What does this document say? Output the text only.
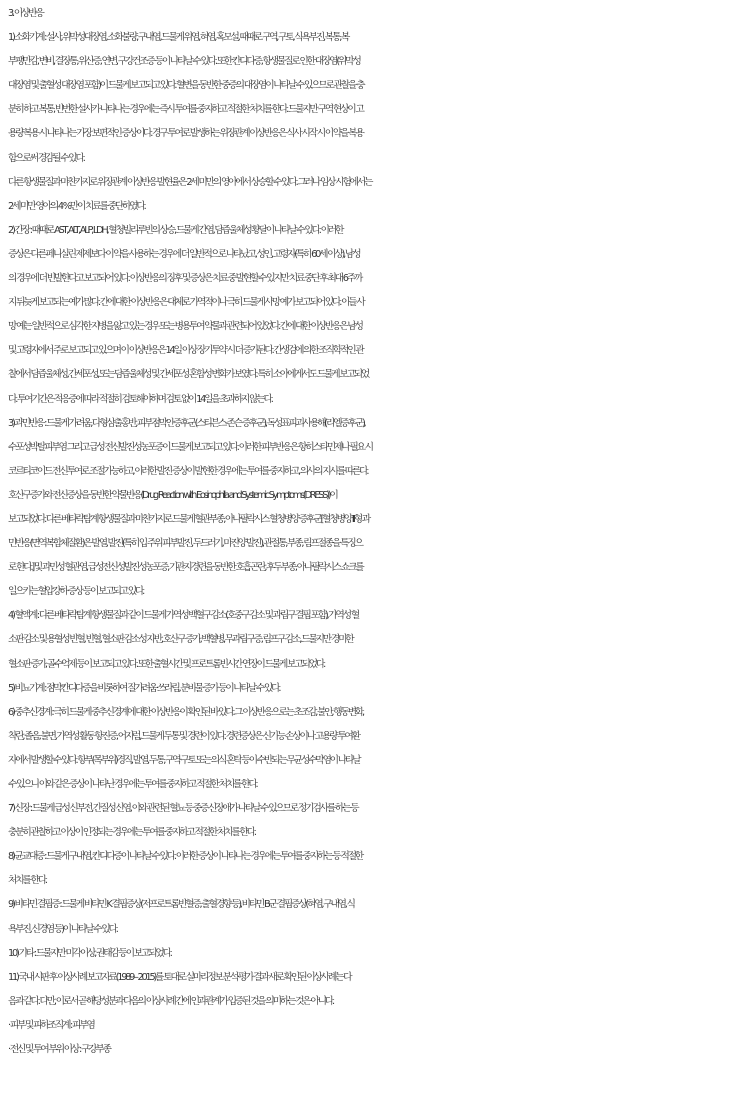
3. 이상반응
1) 소화기계 : 설사, 위막성대장염, 소화불량, 구내염, 드물게 위염, 혀염, 혹모설, 때때로 구역, 구토, 식욕부진, 복통, 복
부팽만감, 변비, 결장통, 위산증, 연변, 구강건조증 등이 나타날 수 있다. 또한 칸디다증, 항생물질로 인한 대장염(위막성
대장염 및 출혈성 대장염 포함)이 드물게 보고되고 있다. 혈변을 동반한 중증의 대장염이 나타날 수 있으므로 관찰을 충
분히 하고 복통, 빈번한 설사가 나타나는 경우에는 즉시 투여를 중지하고 적절한 처치를 한다. 드물지만 구역 현상이 고
용량 복용 시 나타나는 가장 보편적인 증상이다. 경구 투여로 발생하는 위장관계 이상반응은 식사 시작 시 이 약을 복용
함으로써 경감될 수 있다.
다른 항생물질과 마찬가지로 위장관계 이상반응 발현율은 2세 미만의 영아에서 상승할 수 있다. 그러나 임상 시험에서는
2세 미만 영아의 4 %만이 치료를 중단하였다.
2) 간장 : 때때로 AST, ALT, ALP, LDH, 혈청빌리루빈의 상승, 드물게 간염, 담즙울체성 황달이 나타날 수 있다. 이러한
증상은 다른 페니실린 제제보다 이 약을 사용하는 경우에 더 일반적으로 나타났고, 성인, 고령자(특히 60세 이상), 남성
의 경우에 더 빈발한다고 보고되어 있다. 이상반응의 징후 및 증상은 치료 중 발현할 수 있지만 치료 중단 후 최대 6주까
지 뒤늦게 보고되는 예가 많다. 간에 대한 이상반응은 대체로 가역적이나 극히 드물게 사망 예가 보고되어 있다. 이들 사
망 예는 일반적으로 심각한 지병을 앓고 있는 경우 또는 병용투여 약물과 관련되어 있었다. 간에 대한 이상반응은 남성
및 고령자에서 주로 보고되고 있으며 이 이상반응은 14일 이상 장기투약 시 더 증가된다. 간생검에 의한 조직학적인 관
찰에서 담즙울체성, 간세포성, 또는 담즙울체성 및 간세포성 혼합성 변화가 보였다. 특히 소아에게서도 드물게 보고되었
다. 투여기간은 적응증에 따라 적절히 검토해야하며 검토 없이 14일을 초과하지 않는다.
3) 과민반응 : 드물게 가려움, 다형삼출홍반, 피부점막안증후군(스티븐스-존슨 증후군), 독성표피괴사용해(리엘증후군),
수포성박탈피부염 그리고 급성 전신발진성농포증이 드물게 보고되고 있다. 이러한 피부반응은 항히스타민제나 필요 시
코르티코이드 전신투여로 조절가능하고, 이러한 발진 증상이 발현한 경우에는 투여를 중지하고, 의사의 지시를 따른다.
호산구증가와 전신증상을 동반한 약물반응(Drug Reaction with Eosinophilla and Systemic Symptoms(DRESS))이
보고되었다. 다른 베타락탐계 항생물질과 마찬가지로 드물게 혈관부종, 아나필락시스 혈청병양 증후군[혈청병양 III형 과
민반응(면역복합체질환)은 발열, 발진(특히 입 주위 피부발진, 두드러기, 마진양 발진), 관절통, 부종, 림프절종을 특징으
로 한다.] 및 과민성 혈관염, 급성전신성발진성농포증, 기관지경련을 동반한 호흡곤란, 후두부종, 아나필락시스 쇼크를
일으키는 혈압강하 증상 등이 보고되고 있다.
4) 혈액계 : 다른 베타락탐계 항생물질과 같이 드물게 가역성 백혈구 감소(호중구 감소 및 과립구 결핍 포함), 가역성 혈
소판 감소 및 용혈성 빈혈, 빈혈, 혈소판 감소성 자반, 호산구 증가, 백혈병, 무과립구증, 림프구 감소, 드물지만 경미한
혈소판 증가, 골수억제 등이 보고되고 있다. 또한 출혈시간 및 프로트롬빈시간 연장이 드물게 보고되었다.
5) 비뇨기계 : 점막칸디다증을 비롯하여 질가려움·쓰라림, 분비물 증가 등이 나타날 수 있다.
6) 중추신경계 : 극히 드물게 중추신경계에 대한 이상반응이 확인된 바 있다. 그 이상반응으로는 초조감, 불안, 행동변화,
착란, 졸음, 불면, 가역성 활동 항진증, 어지럼, 드물게 두통 및 경련이 있다. 경련증상은 신기능 손상이나 고용량 투여환
자에서 발생할 수 있다. 항부(목부위)경직, 발열, 두통, 구역·구토 또는 의식 혼탁 등이 수반되는 무균성수막염이 나타날
수 있으니 이와 같은 증상이 나타난 경우에는 투여를 중지하고 적절한 처치를 한다.
7) 신장 : 드물게 급성 신부전, 간질성 신염, 이와 관련된 혈뇨 등 중증 신장애가 나타날 수 있으므로 정기검사를 하는 등
충분히 관찰하고 이상이 인정되는 경우에는 투여를 중지하고 적절한 처치를 한다.
8) 균교대증 : 드물게 구내염, 칸디다증이 나타날 수 있다. 이러한 증상이 나타나는 경우에는 투여를 중지하는 등 적절한
처치를 한다.
9) 비타민 결핍증 : 드물게 비타민 K 결핍증상(저프로트롬빈혈증, 출혈경향 등), 비타민 B군 결핍증상(혀염, 구내염, 식
욕부진, 신경염 등)이 나타날 수 있다.
10) 기타 : 드물지만 미각이상, 권태감 등이 보고되었다.
11) 국내 시판 후 이상사례 보고자료(1989 – 2015)를 토대로 실마리정보 분석·평가 결과 새로 확인된 이상사례는 다
음과 같다. 다만, 이로서 곧 해당성분과 다음의 이상사례 간에 인과관계가 입증된 것을 의미하는 것은 아니다.
· 피부 및 피하조직계 : 피부염
· 전신 및 투여 부위 이상 : 구강부종
